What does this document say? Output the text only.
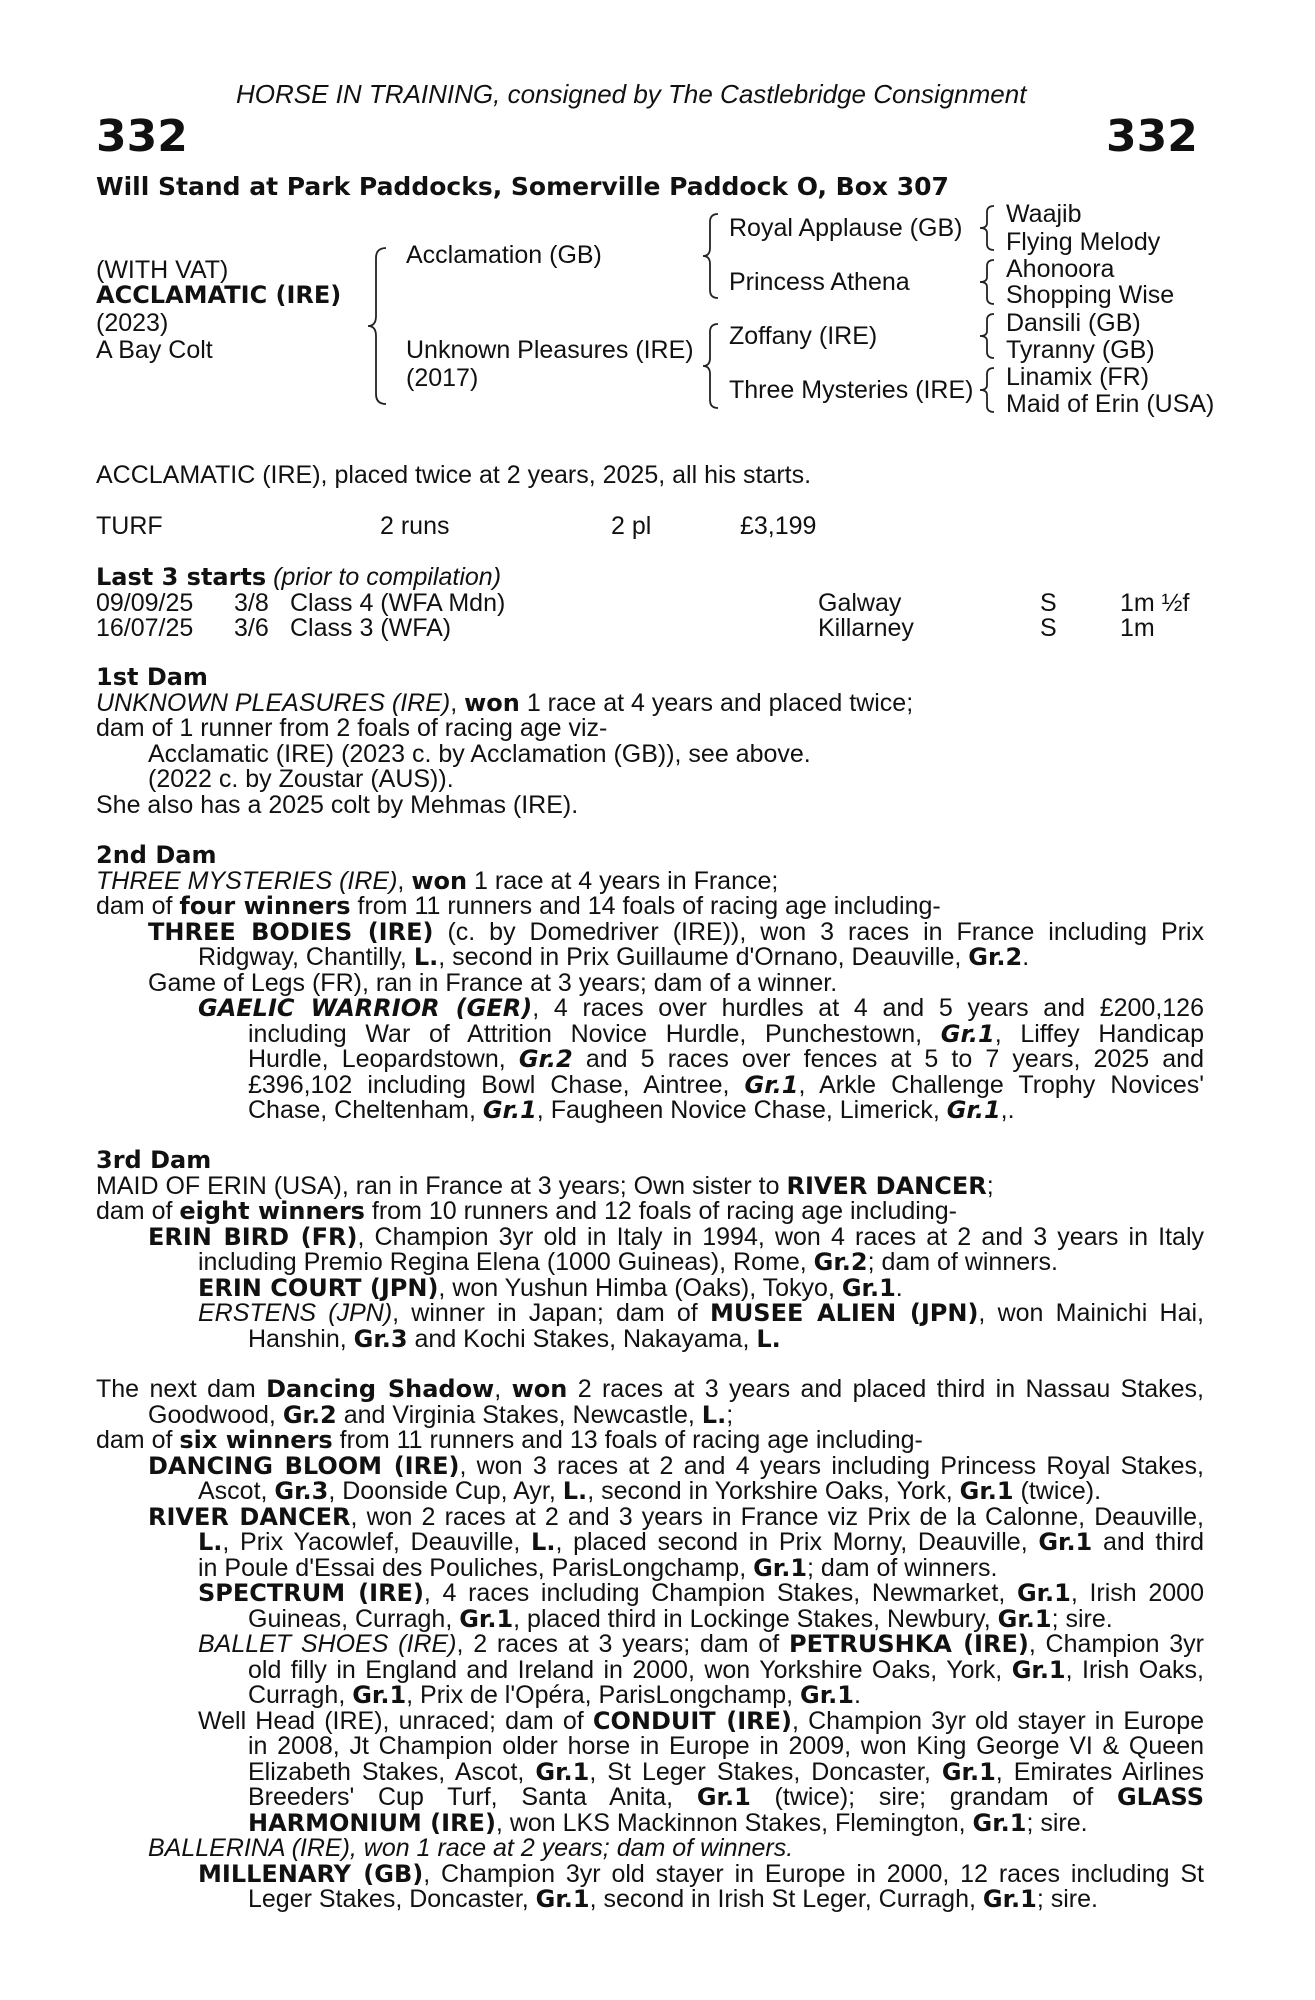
HORSE IN TRAINING, consigned by The Castlebridge Consignment
332	332
Will Stand at Park Paddocks, Somerville Paddock O, Box 307
(WITH VAT)
ACCLAMATIC (IRE)
(2023)
A Bay Colt
Acclamation (GB)
Unknown Pleasures (IRE)
(2017)
Royal Applause (GB)
Princess Athena
Zoffany (IRE)
Three Mysteries (IRE)
Waajib
Flying Melody
Ahonoora
Shopping Wise
Dansili (GB)
Tyranny (GB)
Linamix (FR)
Maid of Erin (USA)
ACCLAMATIC (IRE), placed twice at 2 years, 2025, all his starts.
TURF	2 runs	2 pl	£3,199
Last 3 starts (prior to compilation)
09/09/25 3/8 Class 4 (WFA Mdn)	Galway	S	1m ½f
16/07/25 3/6 Class 3 (WFA)	Killarney	S	1m
1st Dam
UNKNOWN PLEASURES (IRE), won 1 race at 4 years and placed twice;
dam of 1 runner from 2 foals of racing age viz-
Acclamatic (IRE) (2023 c. by Acclamation (GB)), see above.
(2022 c. by Zoustar (AUS)).
She also has a 2025 colt by Mehmas (IRE).
2nd Dam
THREE MYSTERIES (IRE), won 1 race at 4 years in France;
dam of four winners from 11 runners and 14 foals of racing age including-
THREE BODIES (IRE) (c. by Domedriver (IRE)), won 3 races in France including Prix
Ridgway, Chantilly, L., second in Prix Guillaume d'Ornano, Deauville, Gr.2.
Game of Legs (FR), ran in France at 3 years; dam of a winner.
GAELIC WARRIOR (GER), 4 races over hurdles at 4 and 5 years and £200,126
including War of Attrition Novice Hurdle, Punchestown, Gr.1, Liffey Handicap
Hurdle, Leopardstown, Gr.2 and 5 races over fences at 5 to 7 years, 2025 and
£396,102 including Bowl Chase, Aintree, Gr.1, Arkle Challenge Trophy Novices'
Chase, Cheltenham, Gr.1, Faugheen Novice Chase, Limerick, Gr.1,.
3rd Dam
MAID OF ERIN (USA), ran in France at 3 years; Own sister to RIVER DANCER;
dam of eight winners from 10 runners and 12 foals of racing age including-
ERIN BIRD (FR), Champion 3yr old in Italy in 1994, won 4 races at 2 and 3 years in Italy
including Premio Regina Elena (1000 Guineas), Rome, Gr.2; dam of winners.
ERIN COURT (JPN), won Yushun Himba (Oaks), Tokyo, Gr.1.
ERSTENS (JPN), winner in Japan; dam of MUSEE ALIEN (JPN), won Mainichi Hai,
Hanshin, Gr.3 and Kochi Stakes, Nakayama, L.
The next dam Dancing Shadow, won 2 races at 3 years and placed third in Nassau Stakes,
Goodwood, Gr.2 and Virginia Stakes, Newcastle, L.;
dam of six winners from 11 runners and 13 foals of racing age including-
DANCING BLOOM (IRE), won 3 races at 2 and 4 years including Princess Royal Stakes,
Ascot, Gr.3, Doonside Cup, Ayr, L., second in Yorkshire Oaks, York, Gr.1 (twice).
RIVER DANCER, won 2 races at 2 and 3 years in France viz Prix de la Calonne, Deauville,
L., Prix Yacowlef, Deauville, L., placed second in Prix Morny, Deauville, Gr.1 and third
in Poule d'Essai des Pouliches, ParisLongchamp, Gr.1; dam of winners.
SPECTRUM (IRE), 4 races including Champion Stakes, Newmarket, Gr.1, Irish 2000
Guineas, Curragh, Gr.1, placed third in Lockinge Stakes, Newbury, Gr.1; sire.
BALLET SHOES (IRE), 2 races at 3 years; dam of PETRUSHKA (IRE), Champion 3yr
old filly in England and Ireland in 2000, won Yorkshire Oaks, York, Gr.1, Irish Oaks,
Curragh, Gr.1, Prix de l'Opéra, ParisLongchamp, Gr.1.
Well Head (IRE), unraced; dam of CONDUIT (IRE), Champion 3yr old stayer in Europe
in 2008, Jt Champion older horse in Europe in 2009, won King George VI & Queen
Elizabeth Stakes, Ascot, Gr.1, St Leger Stakes, Doncaster, Gr.1, Emirates Airlines
Breeders' Cup Turf, Santa Anita, Gr.1 (twice); sire; grandam of GLASS
HARMONIUM (IRE), won LKS Mackinnon Stakes, Flemington, Gr.1; sire.
BALLERINA (IRE), won 1 race at 2 years; dam of winners.
MILLENARY (GB), Champion 3yr old stayer in Europe in 2000, 12 races including St
Leger Stakes, Doncaster, Gr.1, second in Irish St Leger, Curragh, Gr.1; sire.
